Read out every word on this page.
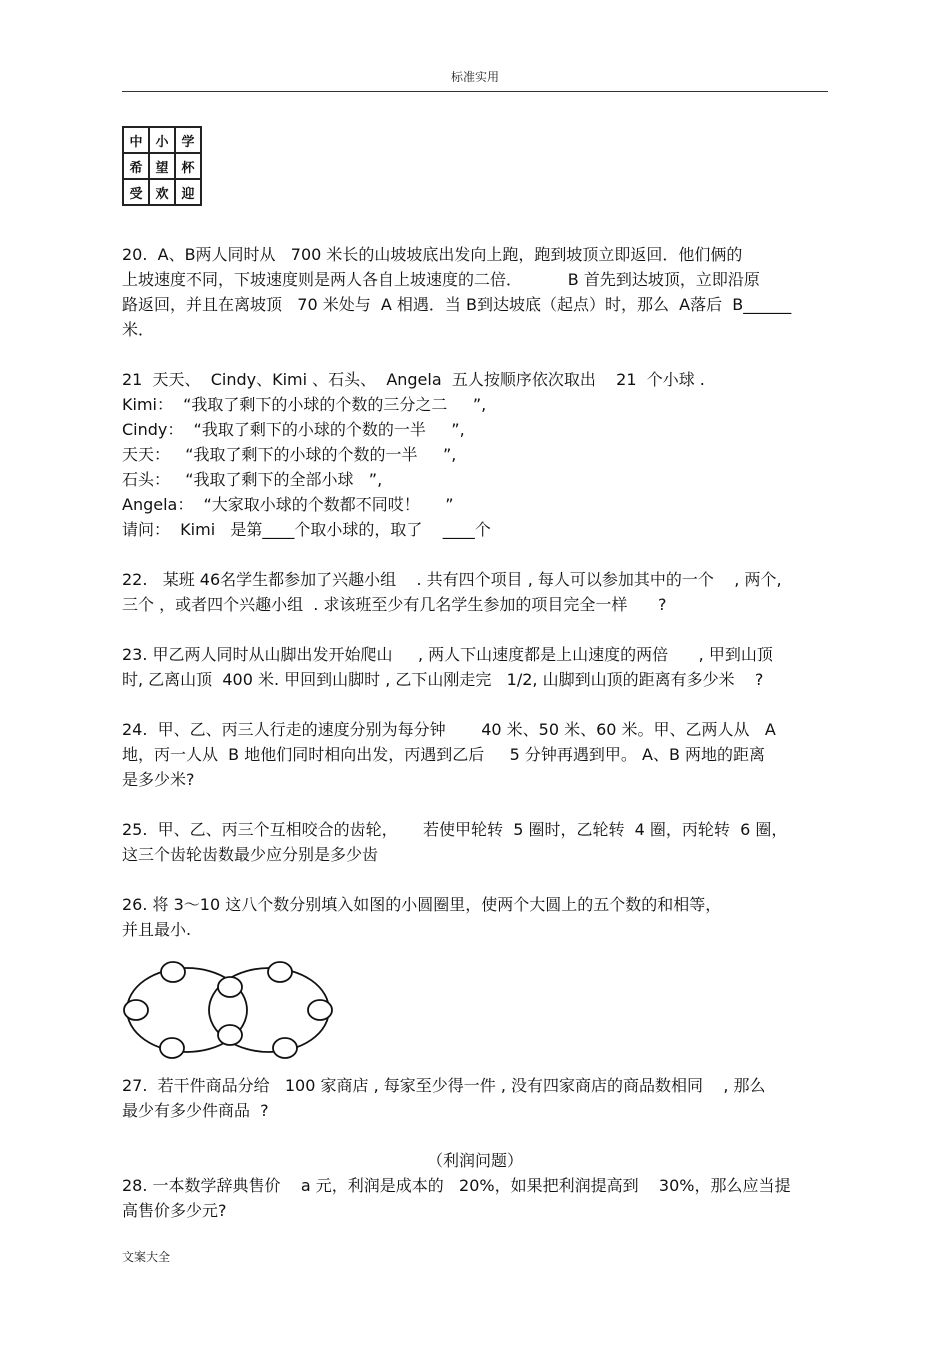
标准实用
中	小	学
希	望	杯
受	欢	迎
20.  A、B两人同时从   700 米长的山坡坡底出发向上跑，跑到坡顶立即返回．他们俩的
上坡速度不同，下坡速度则是两人各自上坡速度的二倍．         B 首先到达坡顶，立即沿原
路返回，并且在离坡顶   70 米处与  A 相遇．当 B到达坡底（起点）时，那么  A落后  B______
米．
21  天天、  Cindy、Kimi 、石头、  Angela  五人按顺序依次取出    21  个小球 .
Kimi：  “我取了剩下的小球的个数的三分之二     ”,
Cindy：  “我取了剩下的小球的个数的一半     ”,
天天：   “我取了剩下的小球的个数的一半     ”,
石头：   “我取了剩下的全部小球   ”,
Angela：  “大家取小球的个数都不同哎！     ”
请问：  Kimi   是第____个取小球的，取了    ____个
22.   某班 46名学生都参加了兴趣小组    . 共有四个项目 , 每人可以参加其中的一个    , 两个,
三个 ，或者四个兴趣小组  . 求该班至少有几名学生参加的项目完全一样      ?
23. 甲乙两人同时从山脚出发开始爬山     , 两人下山速度都是上山速度的两倍      , 甲到山顶
时, 乙离山顶  400 米. 甲回到山脚时 , 乙下山刚走完   1/2, 山脚到山顶的距离有多少米    ?
24.  甲、乙、丙三人行走的速度分别为每分钟       40 米、50 米、60 米。甲、乙两人从   A
地，丙一人从  B 地他们同时相向出发，丙遇到乙后     5 分钟再遇到甲。 A、B 两地的距离
是多少米?
25.  甲、乙、丙三个互相咬合的齿轮，     若使甲轮转  5 圈时，乙轮转  4 圈，丙轮转  6 圈，
这三个齿轮齿数最少应分别是多少齿
26. 将 3～10 这八个数分别填入如图的小圆圈里，使两个大圆上的五个数的和相等，
并且最小.
27.  若干件商品分给   100 家商店 , 每家至少得一件 , 没有四家商店的商品数相同    , 那么
最少有多少件商品  ?
（利润问题）
28. 一本数学辞典售价    a 元，利润是成本的   20%，如果把利润提高到    30%，那么应当提
高售价多少元?
文案大全
